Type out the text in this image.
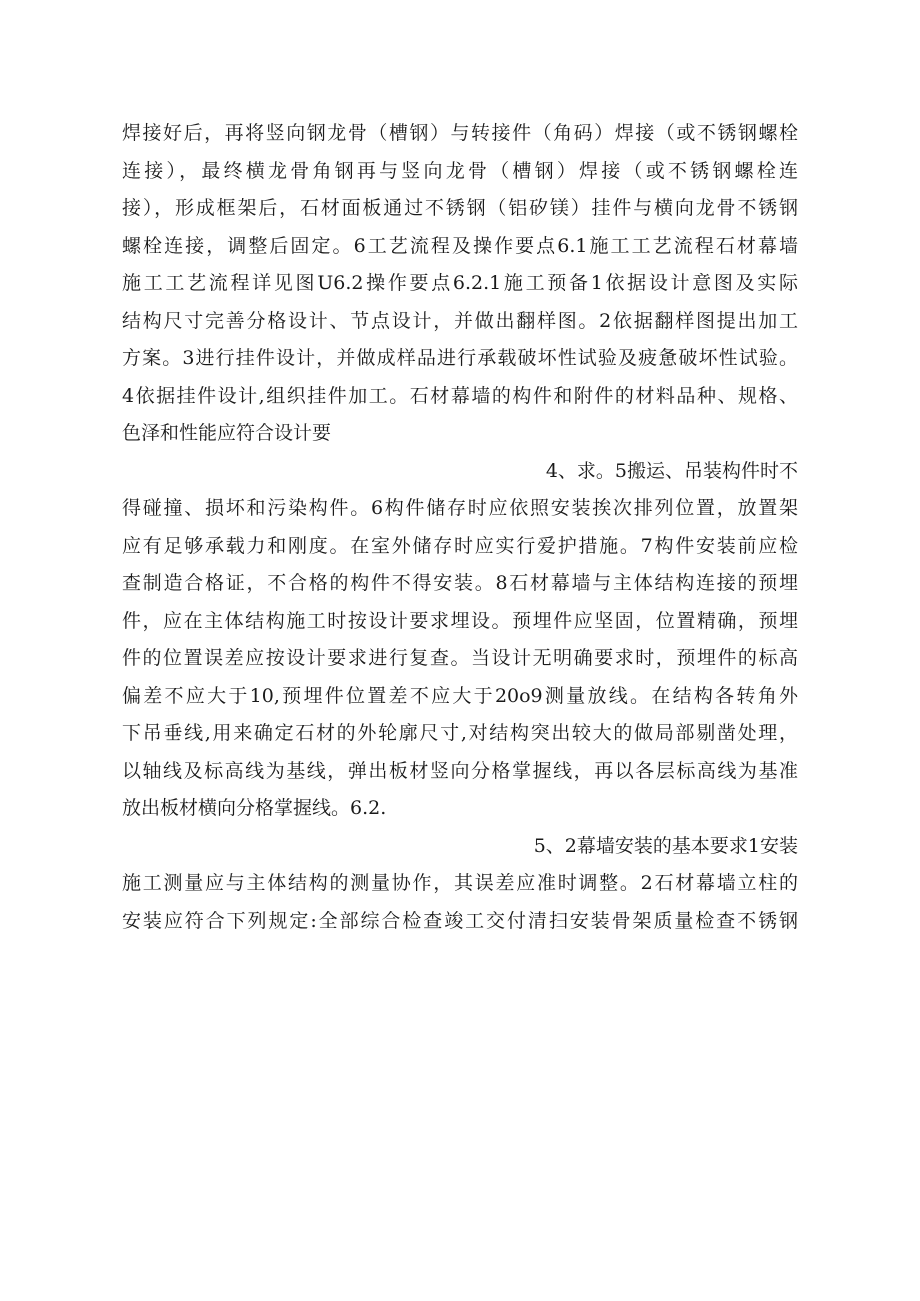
焊接好后，再将竖向钢龙骨（槽钢）与转接件（角码）焊接（或不锈钢螺栓
连接），最终横龙骨角钢再与竖向龙骨（槽钢）焊接（或不锈钢螺栓连
接），形成框架后，石材面板通过不锈钢（铝矽镁）挂件与横向龙骨不锈钢
螺栓连接，调整后固定。6工艺流程及操作要点6.1施工工艺流程石材幕墙
施工工艺流程详见图U6.2操作要点6.2.1施工预备1依据设计意图及实际
结构尺寸完善分格设计、节点设计，并做出翻样图。2依据翻样图提出加工
方案。3进行挂件设计，并做成样品进行承载破坏性试验及疲惫破坏性试验。
4依据挂件设计,组织挂件加工。石材幕墙的构件和附件的材料品种、规格、
色泽和性能应符合设计要
4、求。5搬运、吊装构件时不
得碰撞、损坏和污染构件。6构件储存时应依照安装挨次排列位置，放置架
应有足够承载力和刚度。在室外储存时应实行爱护措施。7构件安装前应检
查制造合格证，不合格的构件不得安装。8石材幕墙与主体结构连接的预埋
件，应在主体结构施工时按设计要求埋设。预埋件应坚固，位置精确，预埋
件的位置误差应按设计要求进行复查。当设计无明确要求时，预埋件的标高
偏差不应大于10,预埋件位置差不应大于20o9测量放线。在结构各转角外
下吊垂线,用来确定石材的外轮廓尺寸,对结构突出较大的做局部剔凿处理，
以轴线及标高线为基线，弹出板材竖向分格掌握线，再以各层标高线为基准
放出板材横向分格掌握线。6.2.
5、2幕墙安装的基本要求1安装
施工测量应与主体结构的测量协作，其误差应准时调整。2石材幕墙立柱的
安装应符合下列规定:全部综合检查竣工交付清扫安装骨架质量检查不锈钢
